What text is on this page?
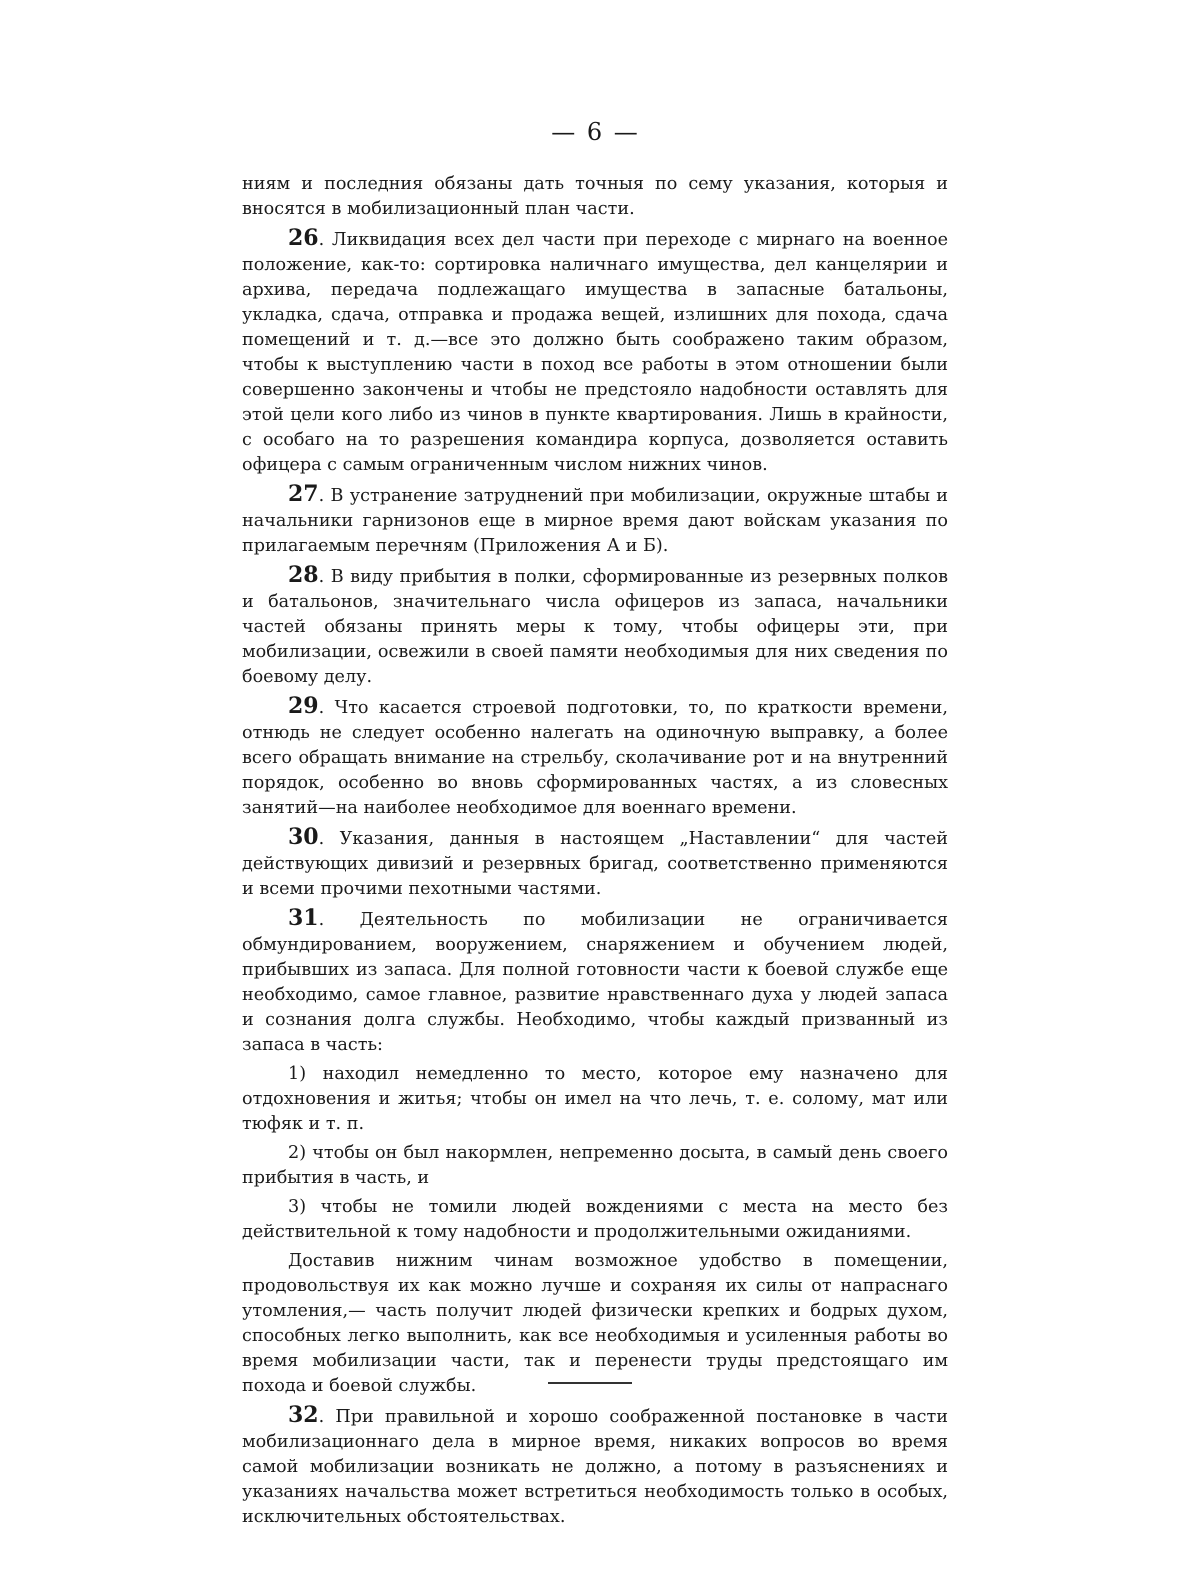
— 6 —

ниям и последния обязаны дать точныя по сему указания, которыя и вносятся в мобилизационный план части.

26. Ликвидация всех дел части при переходе с мирнаго на военное положение, как-то: сортировка наличнаго имущества, дел канцелярии и архива, передача подлежащаго имущества в запасные батальоны, укладка, сдача, отправка и продажа вещей, излишних для похода, сдача помещений и т. д.—все это должно быть соображено таким образом, чтобы к выступлению части в поход все работы в этом отношении были совершенно закончены и чтобы не предстояло надобности оставлять для этой цели кого либо из чинов в пункте квартирования. Лишь в крайности, с особаго на то разрешения командира корпуса, дозволяется оставить офицера с самым ограниченным числом нижних чинов.

27. В устранение затруднений при мобилизации, окружные штабы и начальники гарнизонов еще в мирное время дают войскам указания по прилагаемым перечням (Приложения А и Б).

28. В виду прибытия в полки, сформированные из резервных полков и батальонов, значительнаго числа офицеров из запаса, начальники частей обязаны принять меры к тому, чтобы офицеры эти, при мобилизации, освежили в своей памяти необходимыя для них сведения по боевому делу.

29. Что касается строевой подготовки, то, по краткости времени, отнюдь не следует особенно налегать на одиночную выправку, а более всего обращать внимание на стрельбу, сколачивание рот и на внутренний порядок, особенно во вновь сформированных частях, а из словесных занятий—на наиболее необходимое для военнаго времени.

30. Указания, данныя в настоящем „Наставлении“ для частей действующих дивизий и резервных бригад, соответственно применяются и всеми прочими пехотными частями.

31. Деятельность по мобилизации не ограничивается обмундированием, вооружением, снаряжением и обучением людей, прибывших из запаса. Для полной готовности части к боевой службе еще необходимо, самое главное, развитие нравственнаго духа у людей запаса и сознания долга службы. Необходимо, чтобы каждый призванный из запаса в часть:

1) находил немедленно то место, которое ему назначено для отдохновения и житья; чтобы он имел на что лечь, т. е. солому, мат или тюфяк и т. п.

2) чтобы он был накормлен, непременно досыта, в самый день своего прибытия в часть, и

3) чтобы не томили людей вождениями с места на место без действительной к тому надобности и продолжительными ожиданиями.

Доставив нижним чинам возможное удобство в помещении, продовольствуя их как можно лучше и сохраняя их силы от напраснаго утомления,— часть получит людей физически крепких и бодрых духом, способных легко выполнить, как все необходимыя и усиленныя работы во время мобилизации части, так и перенести труды предстоящаго им похода и боевой службы.

32. При правильной и хорошо соображенной постановке в части мобилизационнаго дела в мирное время, никаких вопросов во время самой мобилизации возникать не должно, а потому в разъяснениях и указаниях начальства может встретиться необходимость только в особых, исключительных обстоятельствах.
